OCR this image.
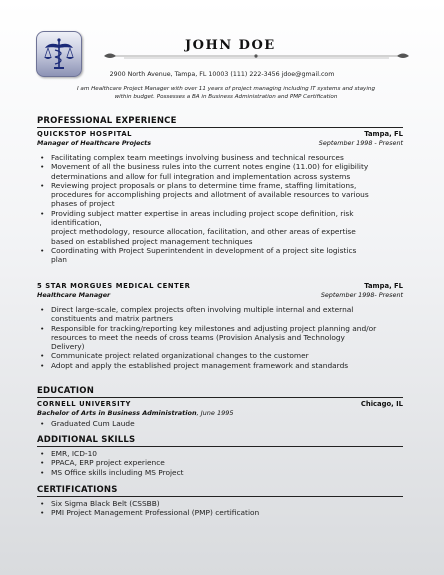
JOHN DOE
2900 North Avenue, Tampa, FL 10003 (111) 222-3456 jdoe@gmail.com
I am Healthcare Project Manager with over 11 years of project managing including IT systems and staying
within budget. Possesses a BA in Business Administration and PMP Certification
PROFESSIONAL EXPERIENCE
QUICKSTOP HOSPITAL	Tampa, FL
Manager of Healthcare Projects	September 1998 - Present
• Facilitating complex team meetings involving business and technical resources
• Movement of all the business rules into the current notes engine (11.00) for eligibility
determinations and allow for full integration and implementation across systems
• Reviewing project proposals or plans to determine time frame, staffing limitations,
procedures for accomplishing projects and allotment of available resources to various
phases of project
• Providing subject matter expertise in areas including project scope definition, risk
identification,
project methodology, resource allocation, facilitation, and other areas of expertise
based on established project management techniques
• Coordinating with Project Superintendent in development of a project site logistics
plan
5 STAR MORGUES MEDICAL CENTER	Tampa, FL
Healthcare Manager	September 1998- Present
• Direct large-scale, complex projects often involving multiple internal and external
constituents and matrix partners
• Responsible for tracking/reporting key milestones and adjusting project planning and/or
resources to meet the needs of cross teams (Provision Analysis and Technology
Delivery)
• Communicate project related organizational changes to the customer
• Adopt and apply the established project management framework and standards
EDUCATION
CORNELL UNIVERSITY	Chicago, IL
Bachelor of Arts in Business Administration, June 1995
• Graduated Cum Laude
ADDITIONAL SKILLS
• EMR, ICD-10
• PPACA, ERP project experience
• MS Office skills including MS Project
CERTIFICATIONS
• Six Sigma Black Belt (CSSBB)
• PMI Project Management Professional (PMP) certification
